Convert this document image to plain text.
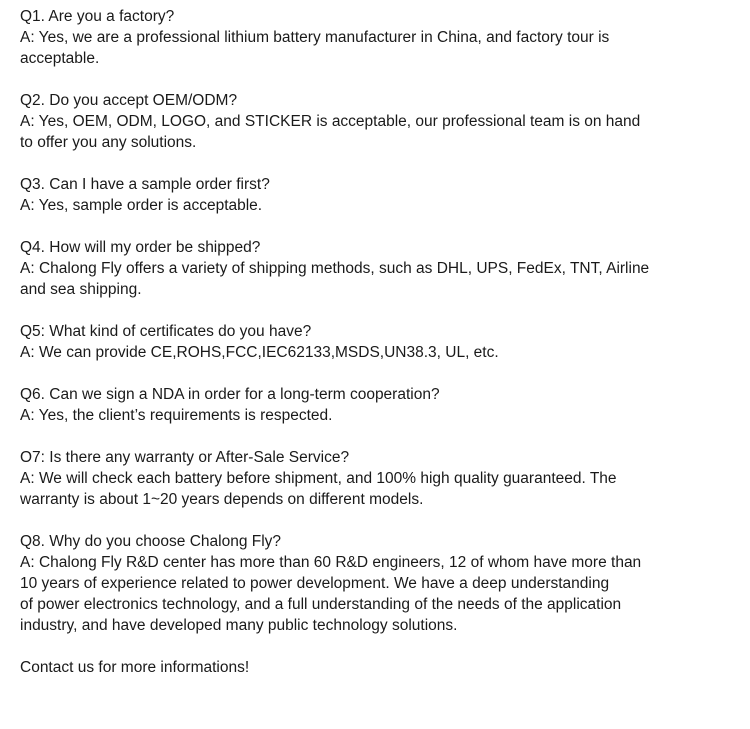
Q1. Are you a factory?
A: Yes, we are a professional lithium battery manufacturer in China, and factory tour is
acceptable.
Q2. Do you accept OEM/ODM?
A: Yes, OEM, ODM, LOGO, and STICKER is acceptable, our professional team is on hand
to offer you any solutions.
Q3. Can I have a sample order first?
A: Yes, sample order is acceptable.
Q4. How will my order be shipped?
A: Chalong Fly offers a variety of shipping methods, such as DHL, UPS, FedEx, TNT, Airline
and sea shipping.
Q5: What kind of certificates do you have?
A: We can provide CE,ROHS,FCC,IEC62133,MSDS,UN38.3, UL, etc.
Q6. Can we sign a NDA in order for a long-term cooperation?
A: Yes, the client’s requirements is respected.
O7: Is there any warranty or After-Sale Service?
A: We will check each battery before shipment, and 100% high quality guaranteed. The
warranty is about 1~20 years depends on different models.
Q8. Why do you choose Chalong Fly?
A: Chalong Fly R&D center has more than 60 R&D engineers, 12 of whom have more than
10 years of experience related to power development. We have a deep understanding
of power electronics technology, and a full understanding of the needs of the application
industry, and have developed many public technology solutions.
Contact us for more informations!
